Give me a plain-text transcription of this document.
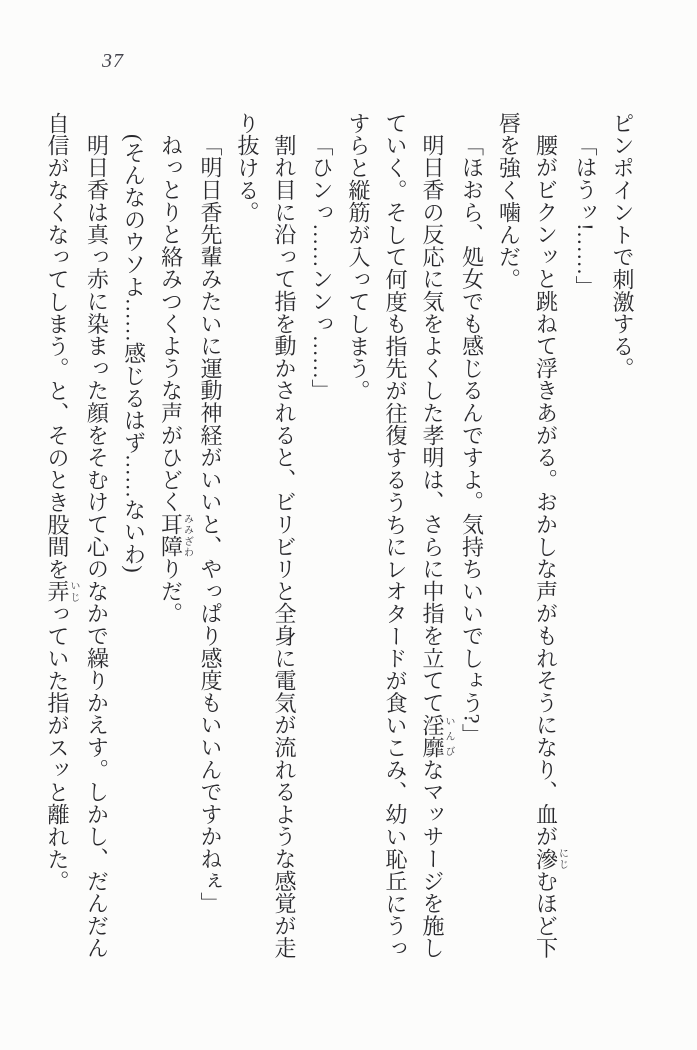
37

ピンポイントで刺激する。

「はうッ!……」

腰がビクンッと跳ねて浮きあがる。おかしな声がもれそうになり、血が滲にじむほど下

唇を強く噛んだ。

「ほおら、処女でも感じるんですよ。気持ちいいでしょう?」

明日香の反応に気をよくした孝明は、さらに中指を立てて淫靡いんびなマッサージを施し

ていく。そして何度も指先が往復するうちにレオタードが食いこみ、幼い恥丘にうっ

すらと縦筋が入ってしまう。

「ひンっ……ンンっ……」

割れ目に沿って指を動かされると、ビリビリと全身に電気が流れるような感覚が走

り抜ける。

「明日香先輩みたいに運動神経がいいと、やっぱり感度もいいんですかねぇ」

ねっとりと絡みつくような声がひどく耳障みみざわりだ。

(そんなのウソよ……感じるはず……ないわ)

明日香は真っ赤に染まった顔をそむけて心のなかで繰りかえす。しかし、だんだん

自信がなくなってしまう。と、そのとき股間を弄いじっていた指がスッと離れた。
